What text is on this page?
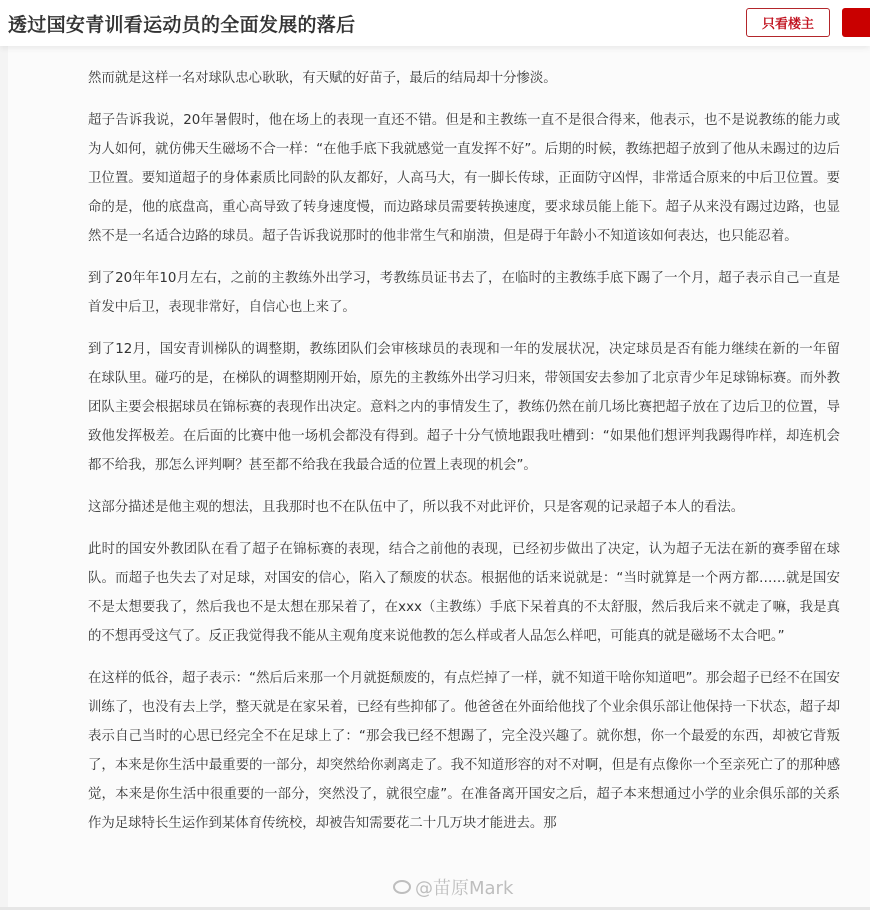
透过国安青训看运动员的全面发展的落后	只看楼主

然而就是这样一名对球队忠心耿耿，有天赋的好苗子，最后的结局却十分惨淡。

超子告诉我说，20年暑假时，他在场上的表现一直还不错。但是和主教练一直不是很合得来，他表示，也不是说教练的能力或为人如何，就仿佛天生磁场不合一样：“在他手底下我就感觉一直发挥不好”。后期的时候，教练把超子放到了他从未踢过的边后卫位置。要知道超子的身体素质比同龄的队友都好，人高马大，有一脚长传球，正面防守凶悍，非常适合原来的中后卫位置。要命的是，他的底盘高，重心高导致了转身速度慢，而边路球员需要转换速度，要求球员能上能下。超子从来没有踢过边路，也显然不是一名适合边路的球员。超子告诉我说那时的他非常生气和崩溃，但是碍于年龄小不知道该如何表达，也只能忍着。

到了20年年10月左右，之前的主教练外出学习，考教练员证书去了，在临时的主教练手底下踢了一个月，超子表示自己一直是首发中后卫，表现非常好，自信心也上来了。

到了12月，国安青训梯队的调整期，教练团队们会审核球员的表现和一年的发展状况，决定球员是否有能力继续在新的一年留在球队里。碰巧的是，在梯队的调整期刚开始，原先的主教练外出学习归来，带领国安去参加了北京青少年足球锦标赛。而外教团队主要会根据球员在锦标赛的表现作出决定。意料之内的事情发生了，教练仍然在前几场比赛把超子放在了边后卫的位置，导致他发挥极差。在后面的比赛中他一场机会都没有得到。超子十分气愤地跟我吐槽到：“如果他们想评判我踢得咋样，却连机会都不给我，那怎么评判啊？甚至都不给我在我最合适的位置上表现的机会”。

这部分描述是他主观的想法，且我那时也不在队伍中了，所以我不对此评价，只是客观的记录超子本人的看法。

此时的国安外教团队在看了超子在锦标赛的表现，结合之前他的表现，已经初步做出了决定，认为超子无法在新的赛季留在球队。而超子也失去了对足球，对国安的信心，陷入了颓废的状态。根据他的话来说就是：“当时就算是一个两方都……就是国安不是太想要我了，然后我也不是太想在那呆着了，在xxx（主教练）手底下呆着真的不太舒服，然后我后来不就走了嘛，我是真的不想再受这气了。反正我觉得我不能从主观角度来说他教的怎么样或者人品怎么样吧，可能真的就是磁场不太合吧。”

在这样的低谷，超子表示：“然后后来那一个月就挺颓废的，有点烂掉了一样，就不知道干啥你知道吧”。那会超子已经不在国安训练了，也没有去上学，整天就是在家呆着，已经有些抑郁了。他爸爸在外面给他找了个业余俱乐部让他保持一下状态，超子却表示自己当时的心思已经完全不在足球上了：“那会我已经不想踢了，完全没兴趣了。就你想，你一个最爱的东西，却被它背叛了，本来是你生活中最重要的一部分，却突然给你剥离走了。我不知道形容的对不对啊，但是有点像你一个至亲死亡了的那种感觉，本来是你生活中很重要的一部分，突然没了，就很空虚”。在准备离开国安之后，超子本来想通过小学的业余俱乐部的关系作为足球特长生运作到某体育传统校，却被告知需要花二十几万块才能进去。那

@苗原Mark
